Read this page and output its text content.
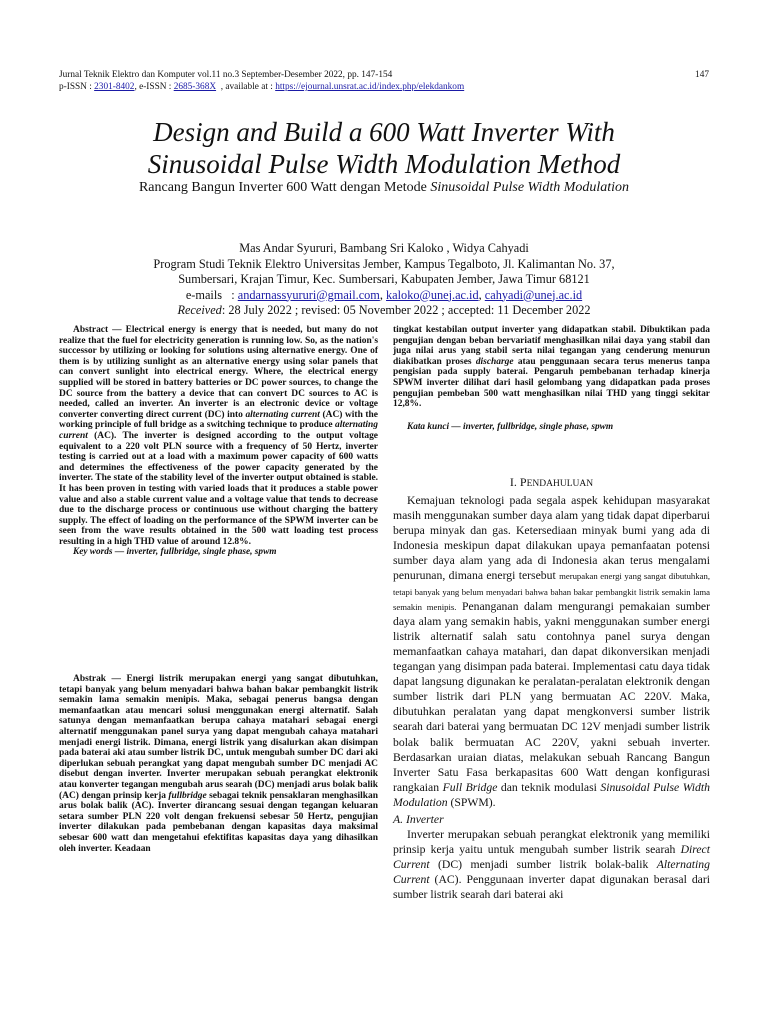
Jurnal Teknik Elektro dan Komputer vol.11 no.3 September-Desember 2022, pp. 147-154	147
p-ISSN : 2301-8402, e-ISSN : 2685-368X  , available at : https://ejournal.unsrat.ac.id/index.php/elekdankom
Design and Build a 600 Watt Inverter With
Sinusoidal Pulse Width Modulation Method
Rancang Bangun Inverter 600 Watt dengan Metode Sinusoidal Pulse Width Modulation
Mas Andar Syururi, Bambang Sri Kaloko , Widya Cahyadi
Program Studi Teknik Elektro Universitas Jember, Kampus Tegalboto, Jl. Kalimantan No. 37,
Sumbersari, Krajan Timur, Kec. Sumbersari, Kabupaten Jember, Jawa Timur 68121
e-mails   : andarnassyururi@gmail.com, kaloko@unej.ac.id, cahyadi@unej.ac.id
Received: 28 July 2022 ; revised: 05 November 2022 ; accepted: 11 December 2022

Abstract — Electrical energy is energy that is needed, but many do not realize that the fuel for electricity generation is running low. So, as the nation's successor by utilizing or looking for solutions using alternative energy. One of them is by utilizing sunlight as an alternative energy using solar panels that can convert sunlight into electrical energy. Where, the electrical energy supplied will be stored in battery batteries or DC power sources, to change the DC source from the battery a device that can convert DC sources to AC is needed, called an inverter. An inverter is an electronic device or voltage converter converting direct current (DC) into alternating current (AC) with the working principle of full bridge as a switching technique to produce alternating current (AC). The inverter is designed according to the output voltage equivalent to a 220 volt PLN source with a frequency of 50 Hertz, inverter testing is carried out at a load with a maximum power capacity of 600 watts and determines the effectiveness of the power capacity generated by the inverter. The state of the stability level of the inverter output obtained is stable. It has been proven in testing with varied loads that it produces a stable power value and also a stable current value and a voltage value that tends to decrease due to the discharge process or continuous use without charging the battery supply. The effect of loading on the performance of the SPWM inverter can be seen from the wave results obtained in the 500 watt loading test process resulting in a high THD value of around 12.8%.

Key words — inverter, fullbridge, single phase, spwm

Abstrak — Energi listrik merupakan energi yang sangat dibutuhkan, tetapi banyak yang belum menyadari bahwa bahan bakar pembangkit listrik semakin lama semakin menipis. Maka, sebagai penerus bangsa dengan memanfaatkan atau mencari solusi menggunakan energi alternatif. Salah satunya dengan memanfaatkan berupa cahaya matahari sebagai energi alternatif menggunakan panel surya yang dapat mengubah cahaya matahari menjadi energi listrik. Dimana, energi listrik yang disalurkan akan disimpan pada baterai aki atau sumber listrik DC, untuk mengubah sumber DC dari aki diperlukan sebuah perangkat yang dapat mengubah sumber DC menjadi AC disebut dengan inverter. Inverter merupakan sebuah perangkat elektronik atau konverter tegangan mengubah arus searah (DC) menjadi arus bolak balik (AC) dengan prinsip kerja fullbridge sebagai teknik pensaklaran menghasilkan arus bolak balik (AC). Inverter dirancang sesuai dengan tegangan keluaran setara sumber PLN 220 volt dengan frekuensi sebesar 50 Hertz, pengujian inverter dilakukan pada pembebanan dengan kapasitas daya maksimal sebesar 600 watt dan mengetahui efektifitas kapasitas daya yang dihasilkan oleh inverter. Keadaan

tingkat kestabilan output inverter yang didapatkan stabil. Dibuktikan pada pengujian dengan beban bervariatif menghasilkan nilai daya yang stabil dan juga nilai arus yang stabil serta nilai tegangan yang cenderung menurun diakibatkan proses discharge atau penggunaan secara terus menerus tanpa pengisian pada supply baterai. Pengaruh pembebanan terhadap kinerja SPWM inverter dilihat dari hasil gelombang yang didapatkan pada proses pengujian pembeban 500 watt menghasilkan nilai THD yang tinggi sekitar 12,8%.

Kata kunci — inverter, fullbridge, single phase, spwm

I. PENDAHULUAN

Kemajuan teknologi pada segala aspek kehidupan masyarakat masih menggunakan sumber daya alam yang tidak dapat diperbarui berupa minyak dan gas. Ketersediaan minyak bumi yang ada di Indonesia meskipun dapat dilakukan upaya pemanfaatan potensi sumber daya alam yang ada di Indonesia akan terus mengalami penurunan, dimana energi tersebut merupakan energi yang sangat dibutuhkan, tetapi banyak yang belum menyadari bahwa bahan bakar pembangkit listrik semakin lama semakin menipis. Penanganan dalam mengurangi pemakaian sumber daya alam yang semakin habis, yakni menggunakan sumber energi listrik alternatif salah satu contohnya panel surya dengan memanfaatkan cahaya matahari, dan dapat dikonversikan menjadi tegangan yang disimpan pada baterai. Implementasi catu daya tidak dapat langsung digunakan ke peralatan-peralatan elektronik dengan sumber listrik dari PLN yang bermuatan AC 220V. Maka, dibutuhkan peralatan yang dapat mengkonversi sumber listrik searah dari baterai yang bermuatan DC 12V menjadi sumber listrik bolak balik bermuatan AC 220V, yakni sebuah inverter. Berdasarkan uraian diatas, melakukan sebuah Rancang Bangun Inverter Satu Fasa berkapasitas 600 Watt dengan konfigurasi rangkaian Full Bridge dan teknik modulasi Sinusoidal Pulse Width Modulation (SPWM).

A. Inverter

Inverter merupakan sebuah perangkat elektronik yang memiliki prinsip kerja yaitu untuk mengubah sumber listrik searah Direct Current (DC) menjadi sumber listrik bolak-balik Alternating Current (AC). Penggunaan inverter dapat digunakan berasal dari sumber listrik searah dari baterai aki
